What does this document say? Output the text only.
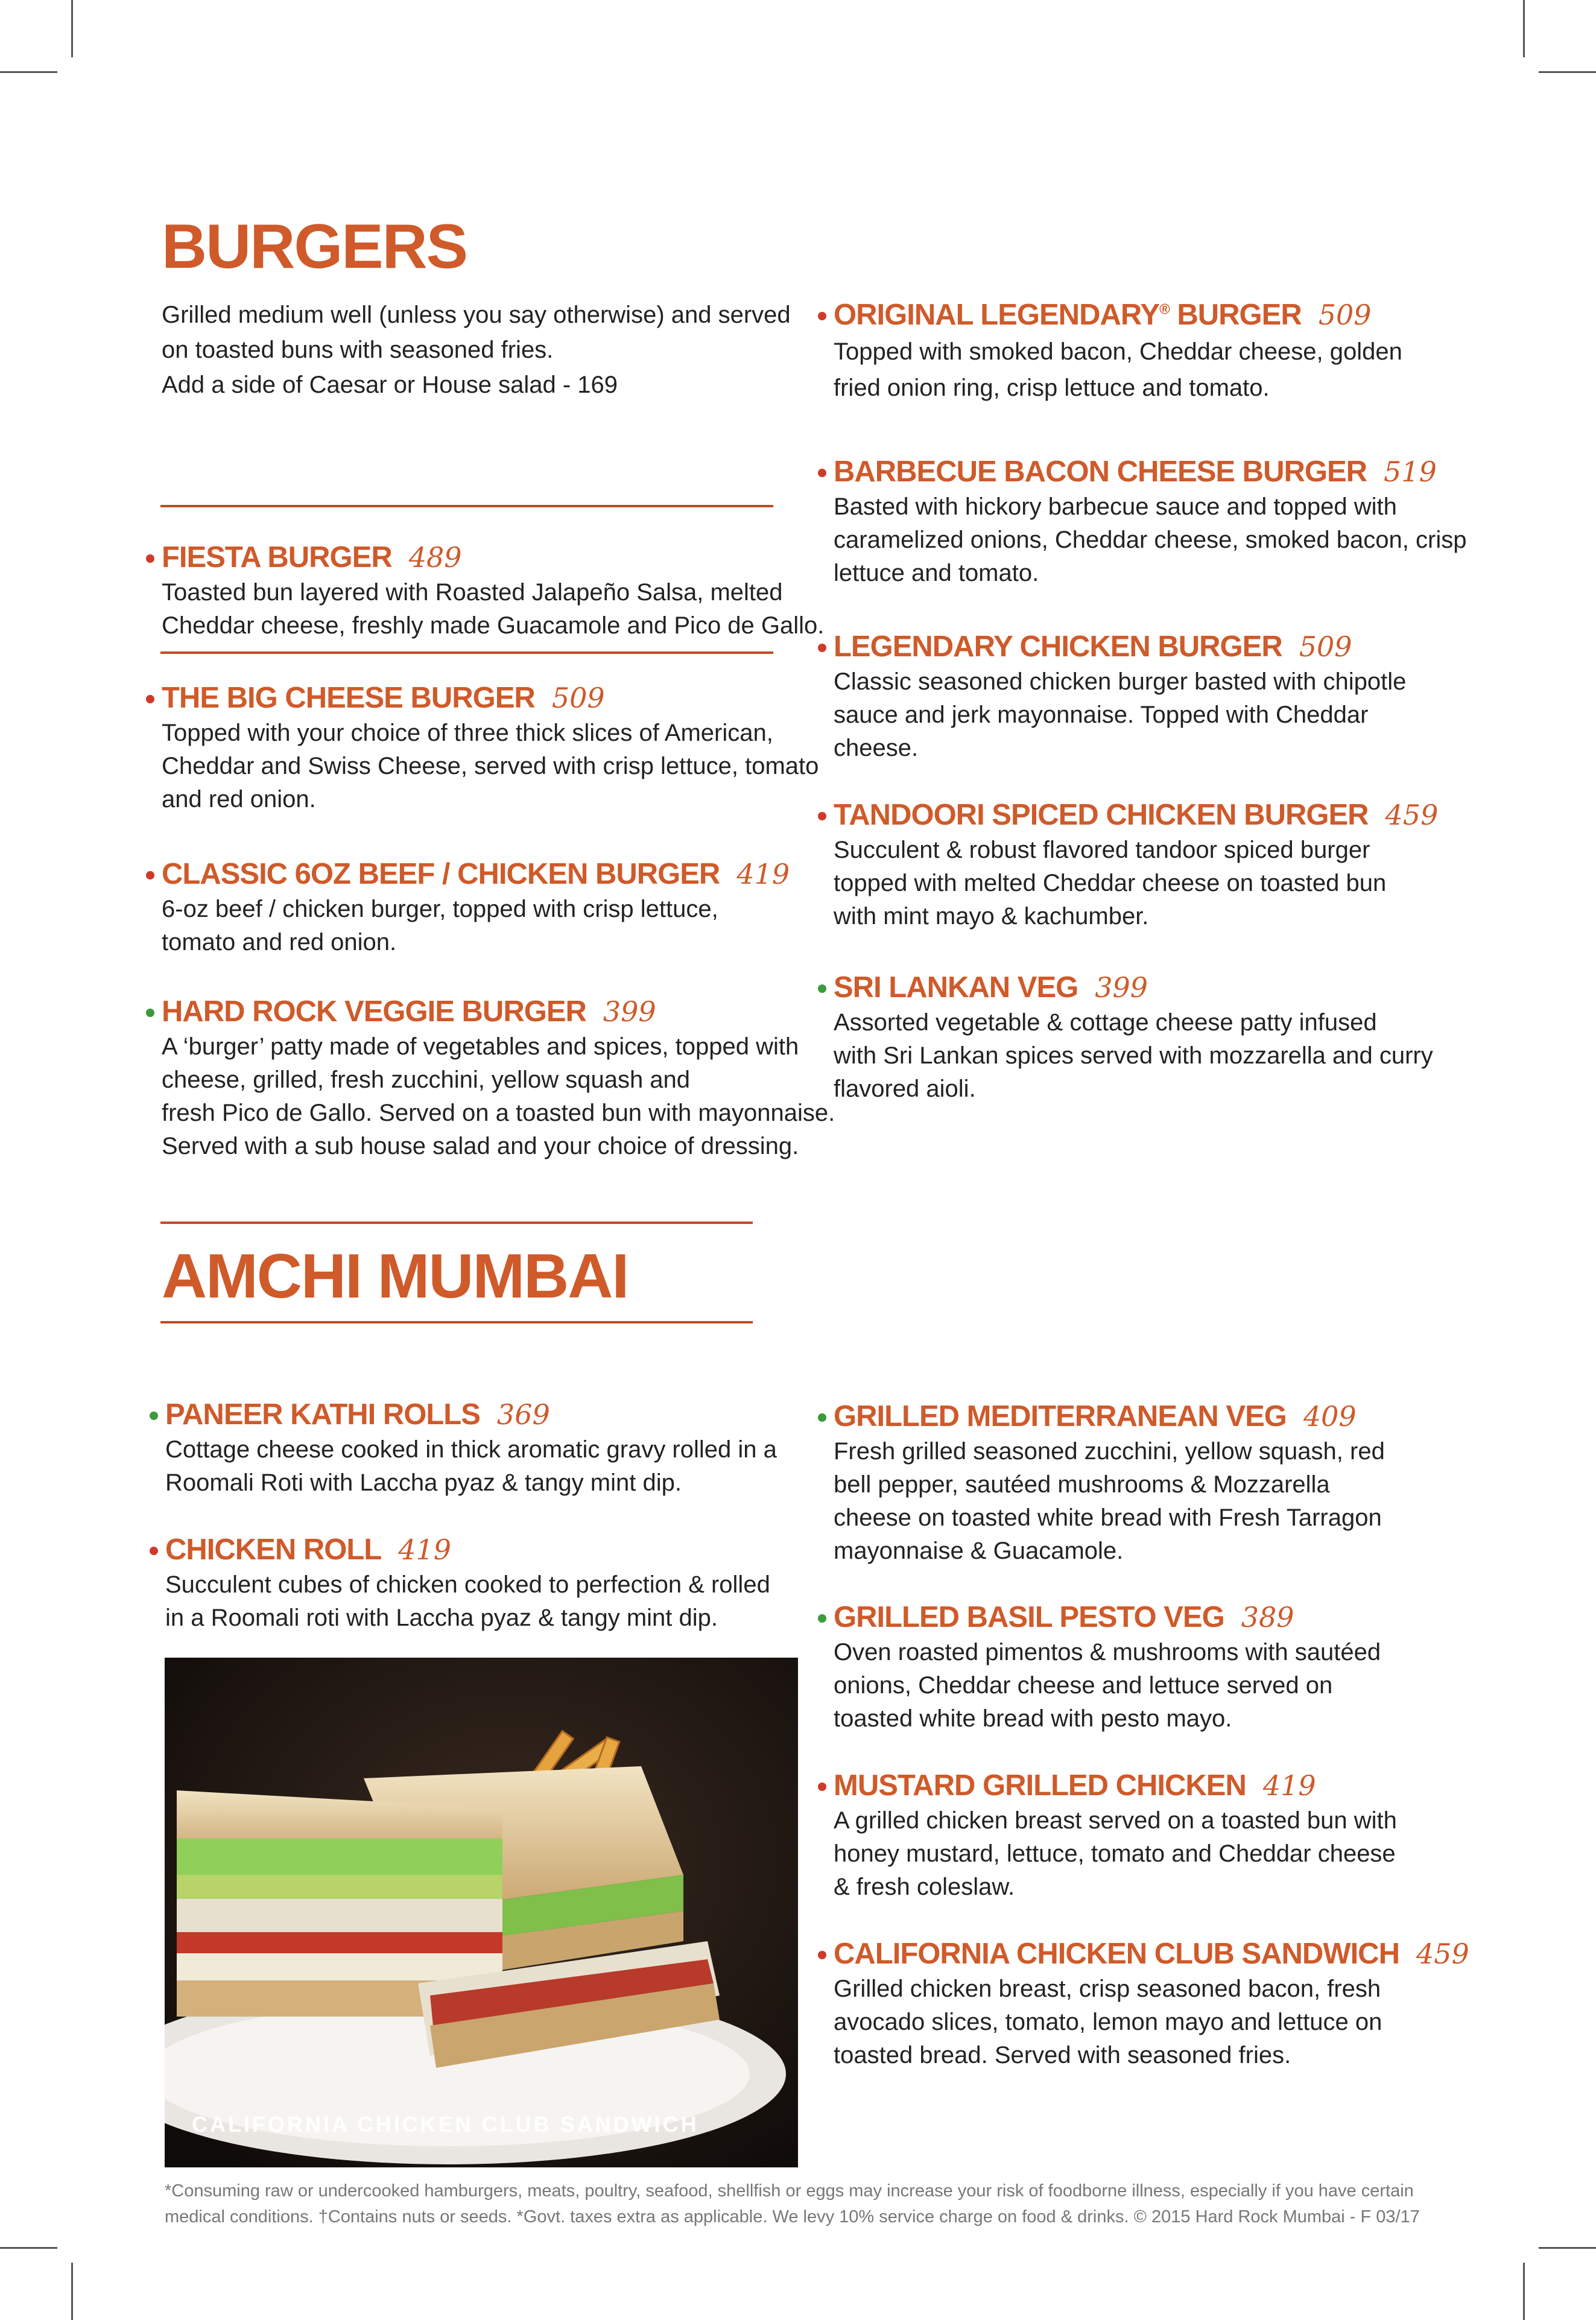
BURGERS
Grilled medium well (unless you say otherwise) and served
on toasted buns with seasoned fries.
Add a side of Caesar or House salad - 169
FIESTA BURGER 489
Toasted bun layered with Roasted Jalapeño Salsa, melted
Cheddar cheese, freshly made Guacamole and Pico de Gallo.
THE BIG CHEESE BURGER 509
Topped with your choice of three thick slices of American,
Cheddar and Swiss Cheese, served with crisp lettuce, tomato
and red onion.
CLASSIC 6OZ BEEF / CHICKEN BURGER 419
6-oz beef / chicken burger, topped with crisp lettuce,
tomato and red onion.
HARD ROCK VEGGIE BURGER 399
A ‘burger’ patty made of vegetables and spices, topped with
cheese, grilled, fresh zucchini, yellow squash and
fresh Pico de Gallo. Served on a toasted bun with mayonnaise.
Served with a sub house salad and your choice of dressing.
ORIGINAL LEGENDARY® BURGER 509
Topped with smoked bacon, Cheddar cheese, golden
fried onion ring, crisp lettuce and tomato.
BARBECUE BACON CHEESE BURGER 519
Basted with hickory barbecue sauce and topped with
caramelized onions, Cheddar cheese, smoked bacon, crisp
lettuce and tomato.
LEGENDARY CHICKEN BURGER 509
Classic seasoned chicken burger basted with chipotle
sauce and jerk mayonnaise. Topped with Cheddar
cheese.
TANDOORI SPICED CHICKEN BURGER 459
Succulent & robust flavored tandoor spiced burger
topped with melted Cheddar cheese on toasted bun
with mint mayo & kachumber.
SRI LANKAN VEG 399
Assorted vegetable & cottage cheese patty infused
with Sri Lankan spices served with mozzarella and curry
flavored aioli.
AMCHI MUMBAI
PANEER KATHI ROLLS 369
Cottage cheese cooked in thick aromatic gravy rolled in a
Roomali Roti with Laccha pyaz & tangy mint dip.
CHICKEN ROLL 419
Succulent cubes of chicken cooked to perfection & rolled
in a Roomali roti with Laccha pyaz & tangy mint dip.
GRILLED MEDITERRANEAN VEG 409
Fresh grilled seasoned zucchini, yellow squash, red
bell pepper, sautéed mushrooms & Mozzarella
cheese on toasted white bread with Fresh Tarragon
mayonnaise & Guacamole.
GRILLED BASIL PESTO VEG 389
Oven roasted pimentos & mushrooms with sautéed
onions, Cheddar cheese and lettuce served on
toasted white bread with pesto mayo.
MUSTARD GRILLED CHICKEN 419
A grilled chicken breast served on a toasted bun with
honey mustard, lettuce, tomato and Cheddar cheese
& fresh coleslaw.
CALIFORNIA CHICKEN CLUB SANDWICH 459
Grilled chicken breast, crisp seasoned bacon, fresh
avocado slices, tomato, lemon mayo and lettuce on
toasted bread. Served with seasoned fries.
CALIFORNIA CHICKEN CLUB SANDWICH
*Consuming raw or undercooked hamburgers, meats, poultry, seafood, shellfish or eggs may increase your risk of foodborne illness, especially if you have certain
medical conditions. †Contains nuts or seeds. *Govt. taxes extra as applicable. We levy 10% service charge on food & drinks. © 2015 Hard Rock Mumbai - F 03/17
